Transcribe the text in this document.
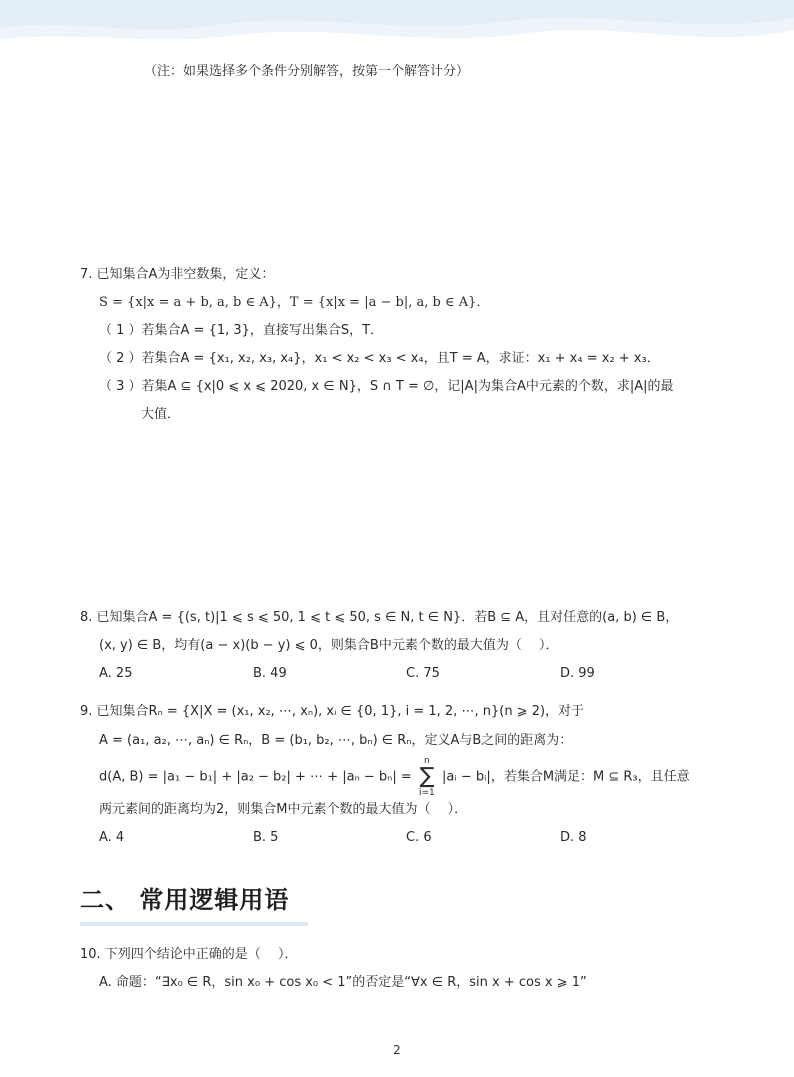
（注：如果选择多个条件分别解答，按第一个解答计分）
7. 已知集合A为非空数集，定义：
S = {x|x = a + b, a, b ∈ A}，T = {x|x = |a − b|, a, b ∈ A}．
（ 1 ）若集合A = {1, 3}，直接写出集合S，T．
（ 2 ）若集合A = {x₁, x₂, x₃, x₄}，x₁ < x₂ < x₃ < x₄，且T = A，求证：x₁ + x₄ = x₂ + x₃．
（ 3 ）若集A ⊆ {x|0 ⩽ x ⩽ 2020, x ∈ N}，S ∩ T = ∅，记|A|为集合A中元素的个数，求|A|的最
大值．
8. 已知集合A = {(s, t)|1 ⩽ s ⩽ 50, 1 ⩽ t ⩽ 50, s ∈ N, t ∈ N}．若B ⊆ A，且对任意的(a, b) ∈ B，
(x, y) ∈ B，均有(a − x)(b − y) ⩽ 0，则集合B中元素个数的最大值为（　 ）．
A. 25	B. 49	C. 75	D. 99
9. 已知集合Rₙ = {X|X = (x₁, x₂, ⋯, xₙ), xᵢ ∈ {0, 1}, i = 1, 2, ⋯, n}(n ⩾ 2)，对于
A = (a₁, a₂, ⋯, aₙ) ∈ Rₙ，B = (b₁, b₂, ⋯, bₙ) ∈ Rₙ，定义A与B之间的距离为：
d(A, B) = |a₁ − b₁| + |a₂ − b₂| + ⋯ + |aₙ − bₙ| =
n
∑
i=1
|aᵢ − bᵢ|，若集合M满足：M ⊆ R₃，且任意
两元素间的距离均为2，则集合M中元素个数的最大值为（　 ）．
A. 4	B. 5	C. 6	D. 8
二、 常用逻辑用语
10. 下列四个结论中正确的是（　 ）．
A. 命题：“∃x₀ ∈ R，sin x₀ + cos x₀ < 1”的否定是“∀x ∈ R，sin x + cos x ⩾ 1”
2
